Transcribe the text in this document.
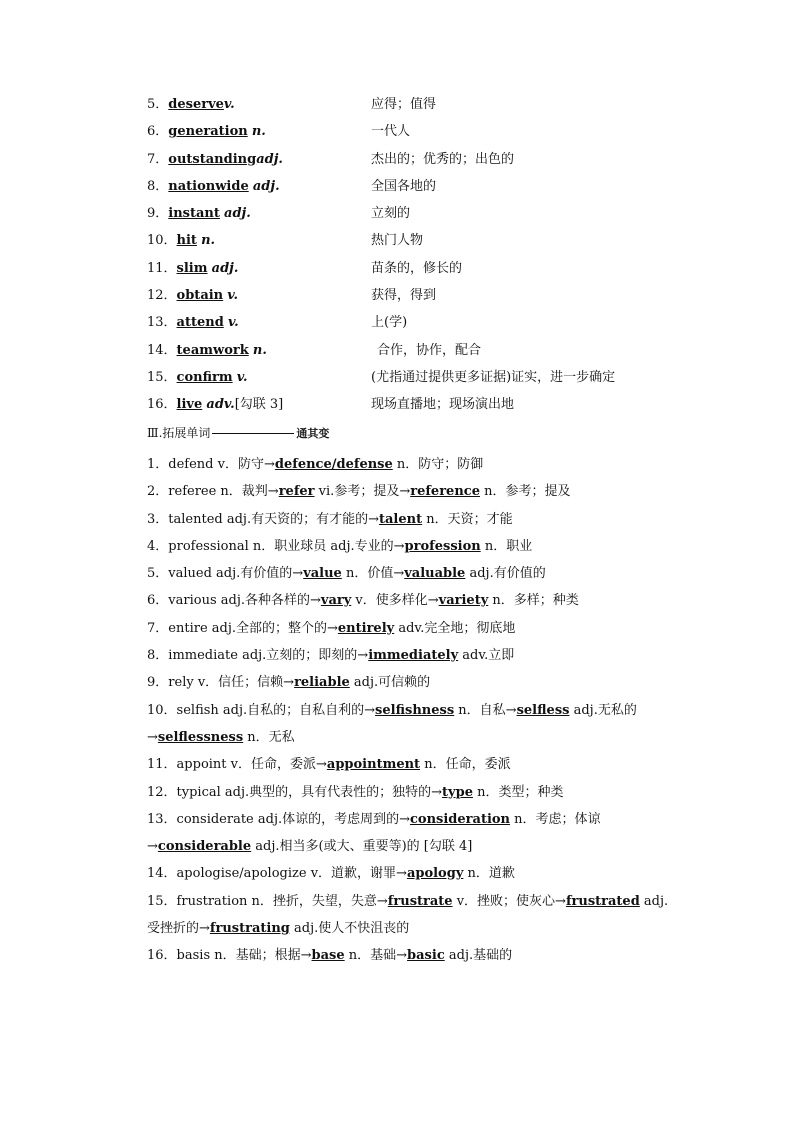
5．deservev.	应得；值得
6．generation n.	一代人
7．outstandingadj.	杰出的；优秀的；出色的
8．nationwide adj.	全国各地的
9．instant adj.	立刻的
10．hit n.	热门人物
11．slim adj.	苗条的，修长的
12．obtain v.	获得，得到
13．attend v.	上(学)
14．teamwork n.	合作，协作，配合
15．confirm v.	(尤指通过提供更多证据)证实，进一步确定
16．live adv.[勾联 3]	现场直播地；现场演出地
Ⅲ.拓展单词	通其变
1．defend v．防守→defence/defense n．防守；防御
2．referee n．裁判→refer vi.参考；提及→reference n．参考；提及
3．talented adj.有天资的；有才能的→talent n．天资；才能
4．professional n．职业球员 adj.专业的→profession n．职业
5．valued adj.有价值的→value n．价值→valuable adj.有价值的
6．various adj.各种各样的→vary v．使多样化→variety n．多样；种类
7．entire adj.全部的；整个的→entirely adv.完全地；彻底地
8．immediate adj.立刻的；即刻的→immediately adv.立即
9．rely v．信任；信赖→reliable adj.可信赖的
10．selfish adj.自私的；自私自利的→selfishness n．自私→selfless adj.无私的→selflessness n．无私
11．appoint v．任命，委派→appointment n．任命，委派
12．typical adj.典型的，具有代表性的；独特的→type n．类型；种类
13．considerate adj.体谅的，考虑周到的→consideration n．考虑；体谅→considerable adj.相当多(或大、重要等)的 [勾联 4]
14．apologise/apologize v．道歉，谢罪→apology n．道歉
15．frustration n．挫折，失望，失意→frustrate v．挫败；使灰心→frustrated adj.受挫折的→frustrating adj.使人不快沮丧的
16．basis n．基础；根据→base n．基础→basic adj.基础的
